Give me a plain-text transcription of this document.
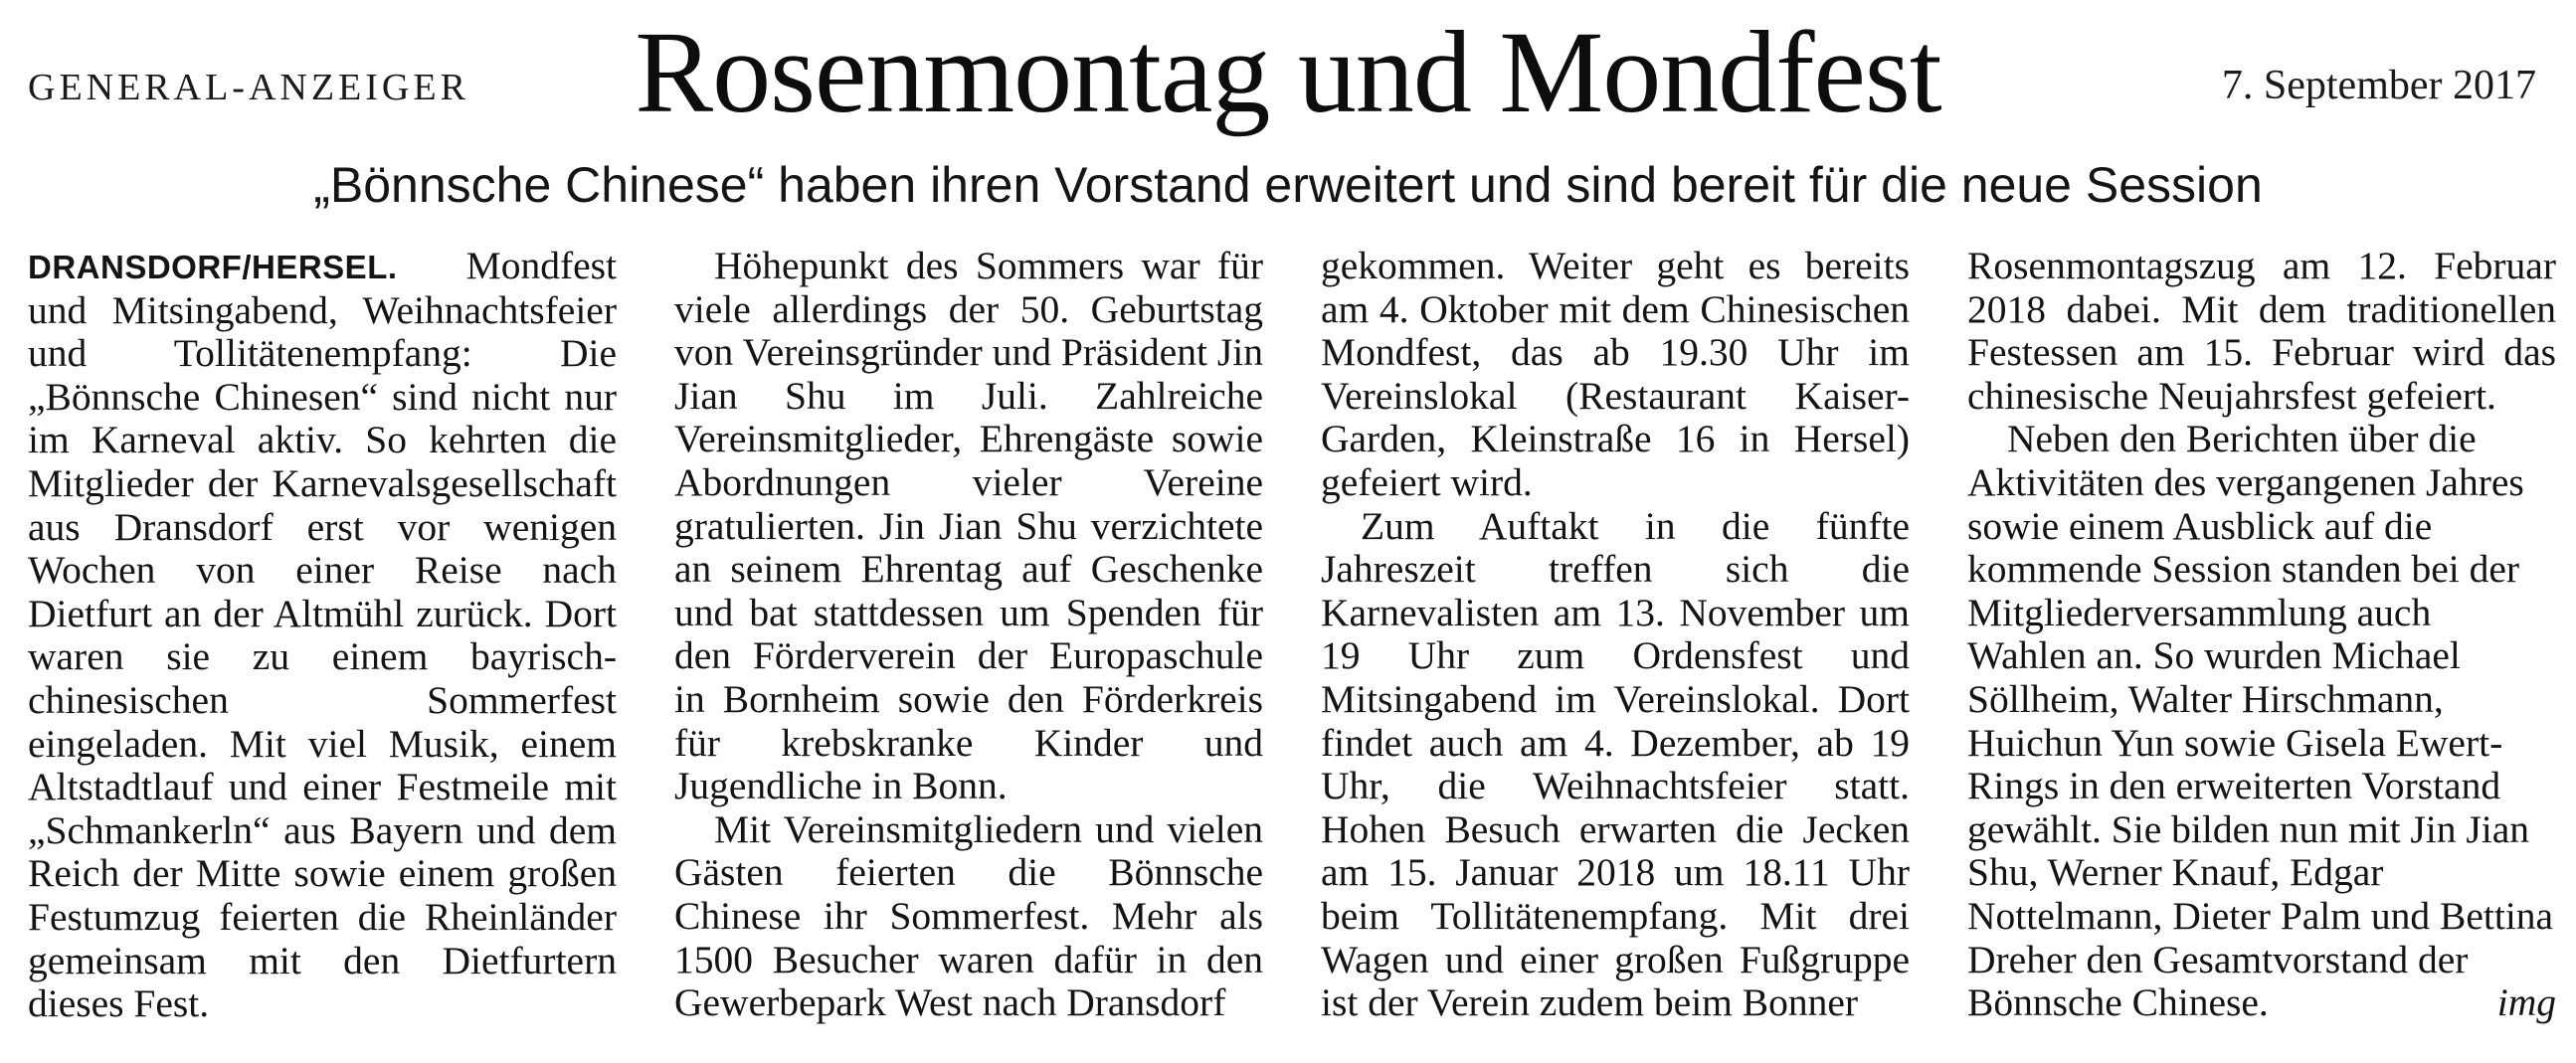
GENERAL-ANZEIGER	Rosenmontag und Mondfest	7. September 2017
„Bönnsche Chinese“ haben ihren Vorstand erweitert und sind bereit für die neue Session

DRANSDORF/HERSEL. Mondfest und Mitsingabend, Weihnachtsfeier und Tollitätenempfang: Die „Bönnsche Chinesen“ sind nicht nur im Karneval aktiv. So kehrten die Mitglieder der Karnevalsgesellschaft aus Dransdorf erst vor wenigen Wochen von einer Reise nach Dietfurt an der Altmühl zurück. Dort waren sie zu einem bayrisch-chinesischen Sommerfest eingeladen. Mit viel Musik, einem Altstadtlauf und einer Festmeile mit „Schmankerln“ aus Bayern und dem Reich der Mitte sowie einem großen Festumzug feierten die Rheinländer gemeinsam mit den Dietfurtern dieses Fest.

Höhepunkt des Sommers war für viele allerdings der 50. Geburtstag von Vereinsgründer und Präsident Jin Jian Shu im Juli. Zahlreiche Vereinsmitglieder, Ehrengäste sowie Abordnungen vieler Vereine gratulierten. Jin Jian Shu verzichtete an seinem Ehrentag auf Geschenke und bat stattdessen um Spenden für den Förderverein der Europaschule in Bornheim sowie den Förderkreis für krebskranke Kinder und Jugendliche in Bonn.

Mit Vereinsmitgliedern und vielen Gästen feierten die Bönnsche Chinese ihr Sommerfest. Mehr als 1500 Besucher waren dafür in den Gewerbepark West nach Dransdorf

gekommen. Weiter geht es bereits am 4. Oktober mit dem Chinesischen Mondfest, das ab 19.30 Uhr im Vereinslokal (Restaurant Kaiser-Garden, Kleinstraße 16 in Hersel) gefeiert wird.

Zum Auftakt in die fünfte Jahreszeit treffen sich die Karnevalisten am 13. November um 19 Uhr zum Ordensfest und Mitsingabend im Vereinslokal. Dort findet auch am 4. Dezember, ab 19 Uhr, die Weihnachtsfeier statt. Hohen Besuch erwarten die Jecken am 15. Januar 2018 um 18.11 Uhr beim Tollitätenempfang. Mit drei Wagen und einer großen Fußgruppe ist der Verein zudem beim Bonner

Rosenmontagszug am 12. Februar 2018 dabei. Mit dem traditionellen Festessen am 15. Februar wird das chinesische Neujahrsfest gefeiert.

Neben den Berichten über die Aktivitäten des vergangenen Jahres sowie einem Ausblick auf die kommende Session standen bei der Mitgliederversammlung auch Wahlen an. So wurden Michael Söllheim, Walter Hirschmann, Huichun Yun sowie Gisela Ewert-Rings in den erweiterten Vorstand gewählt. Sie bilden nun mit Jin Jian Shu, Werner Knauf, Edgar Nottelmann, Dieter Palm und Bettina Dreher den Gesamtvorstand der Bönnsche Chinese.	img
